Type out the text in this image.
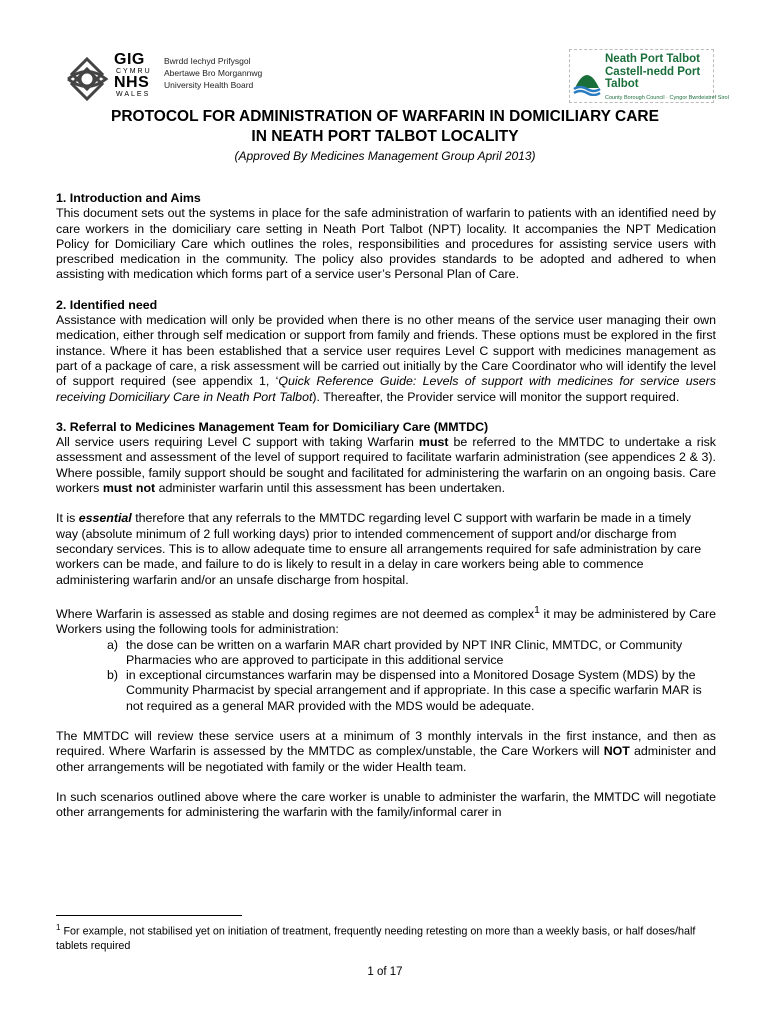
GIG
CYMRU
NHS
WALES
Bwrdd Iechyd Prifysgol
Abertawe Bro Morgannwg
University Health Board
Neath Port Talbot
Castell-nedd Port Talbot
County Borough Council · Cyngor Bwrdeistref Sirol
PROTOCOL FOR ADMINISTRATION OF WARFARIN IN DOMICILIARY CARE
IN NEATH PORT TALBOT LOCALITY
(Approved By Medicines Management Group April 2013)
1. Introduction and Aims

This document sets out the systems in place for the safe administration of warfarin to patients with an identified need by care workers in the domiciliary care setting in Neath Port Talbot (NPT) locality. It accompanies the NPT Medication Policy for Domiciliary Care which outlines the roles, responsibilities and procedures for assisting service users with prescribed medication in the community. The policy also provides standards to be adopted and adhered to when assisting with medication which forms part of a service user’s Personal Plan of Care.

2. Identified need

Assistance with medication will only be provided when there is no other means of the service user managing their own medication, either through self medication or support from family and friends. These options must be explored in the first instance. Where it has been established that a service user requires Level C support with medicines management as part of a package of care, a risk assessment will be carried out initially by the Care Coordinator who will identify the level of support required (see appendix 1, ‘Quick Reference Guide: Levels of support with medicines for service users receiving Domiciliary Care in Neath Port Talbot). Thereafter, the Provider service will monitor the support required.

3. Referral to Medicines Management Team for Domiciliary Care (MMTDC)

All service users requiring Level C support with taking Warfarin must be referred to the MMTDC to undertake a risk assessment and assessment of the level of support required to facilitate warfarin administration (see appendices 2 & 3). Where possible, family support should be sought and facilitated for administering the warfarin on an ongoing basis. Care workers must not administer warfarin until this assessment has been undertaken.

It is essential therefore that any referrals to the MMTDC regarding level C support with warfarin be made in a timely way (absolute minimum of 2 full working days) prior to intended commencement of support and/or discharge from secondary services. This is to allow adequate time to ensure all arrangements required for safe administration by care workers can be made, and failure to do is likely to result in a delay in care workers being able to commence administering warfarin and/or an unsafe discharge from hospital.

Where Warfarin is assessed as stable and dosing regimes are not deemed as complex$^1$ it may be administered by Care Workers using the following tools for administration:

a) the dose can be written on a warfarin MAR chart provided by NPT INR Clinic, MMTDC, or Community Pharmacies who are approved to participate in this additional service
b) in exceptional circumstances warfarin may be dispensed into a Monitored Dosage System (MDS) by the Community Pharmacist by special arrangement and if appropriate. In this case a specific warfarin MAR is not required as a general MAR provided with the MDS would be adequate.

The MMTDC will review these service users at a minimum of 3 monthly intervals in the first instance, and then as required. Where Warfarin is assessed by the MMTDC as complex/unstable, the Care Workers will NOT administer and other arrangements will be negotiated with family or the wider Health team.

In such scenarios outlined above where the care worker is unable to administer the warfarin, the MMTDC will negotiate other arrangements for administering the warfarin with the family/informal carer in

$^1$ For example, not stabilised yet on initiation of treatment, frequently needing retesting on more than a weekly basis, or half doses/half tablets required
1 of 17
